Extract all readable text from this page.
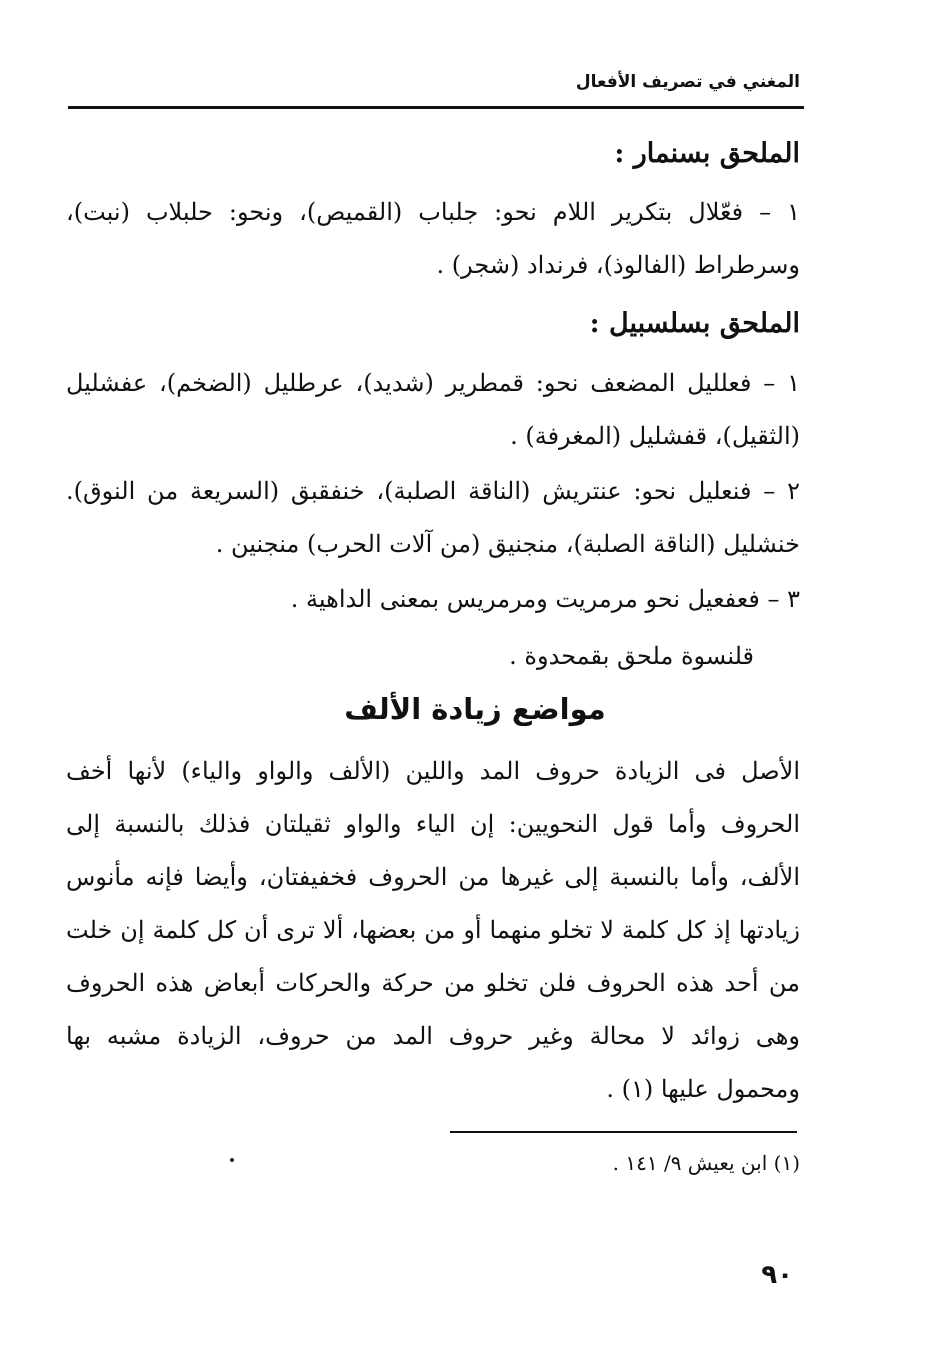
المغني في تصريف الأفعال
الملحق بسنمار :
١ – فعّلال بتكرير اللام نحو: جلباب (القميص)، ونحو: حلبلاب (نبت)، وسرطراط (الفالوذ)، فرنداد (شجر) .
الملحق بسلسبيل :
١ – فعلليل المضعف نحو: قمطرير (شديد)، عرطليل (الضخم)، عفشليل (الثقيل)، قفشليل (المغرفة) .
٢ – فنعليل نحو: عنتريش (الناقة الصلبة)، خنفقبق (السريعة من النوق). خنشليل (الناقة الصلبة)، منجنيق (من آلات الحرب) منجنين .
٣ – فعفعيل نحو مرمريت ومرمريس بمعنى الداهية .
قلنسوة ملحق بقمحدوة .
مواضع زيادة الألف
الأصل فى الزيادة حروف المد واللين (الألف والواو والياء) لأنها أخف الحروف وأما قول النحويين: إن الياء والواو ثقيلتان فذلك بالنسبة إلى الألف، وأما بالنسبة إلى غيرها من الحروف فخفيفتان، وأيضا فإنه مأنوس زيادتها إذ كل كلمة لا تخلو منهما أو من بعضها، ألا ترى أن كل كلمة إن خلت من أحد هذه الحروف فلن تخلو من حركة والحركات أبعاض هذه الحروف وهى زوائد لا محالة وغير حروف المد من حروف، الزيادة مشبه بها ومحمول عليها (١) .
(١) ابن يعيش ٩/ ١٤١ .
٩٠
